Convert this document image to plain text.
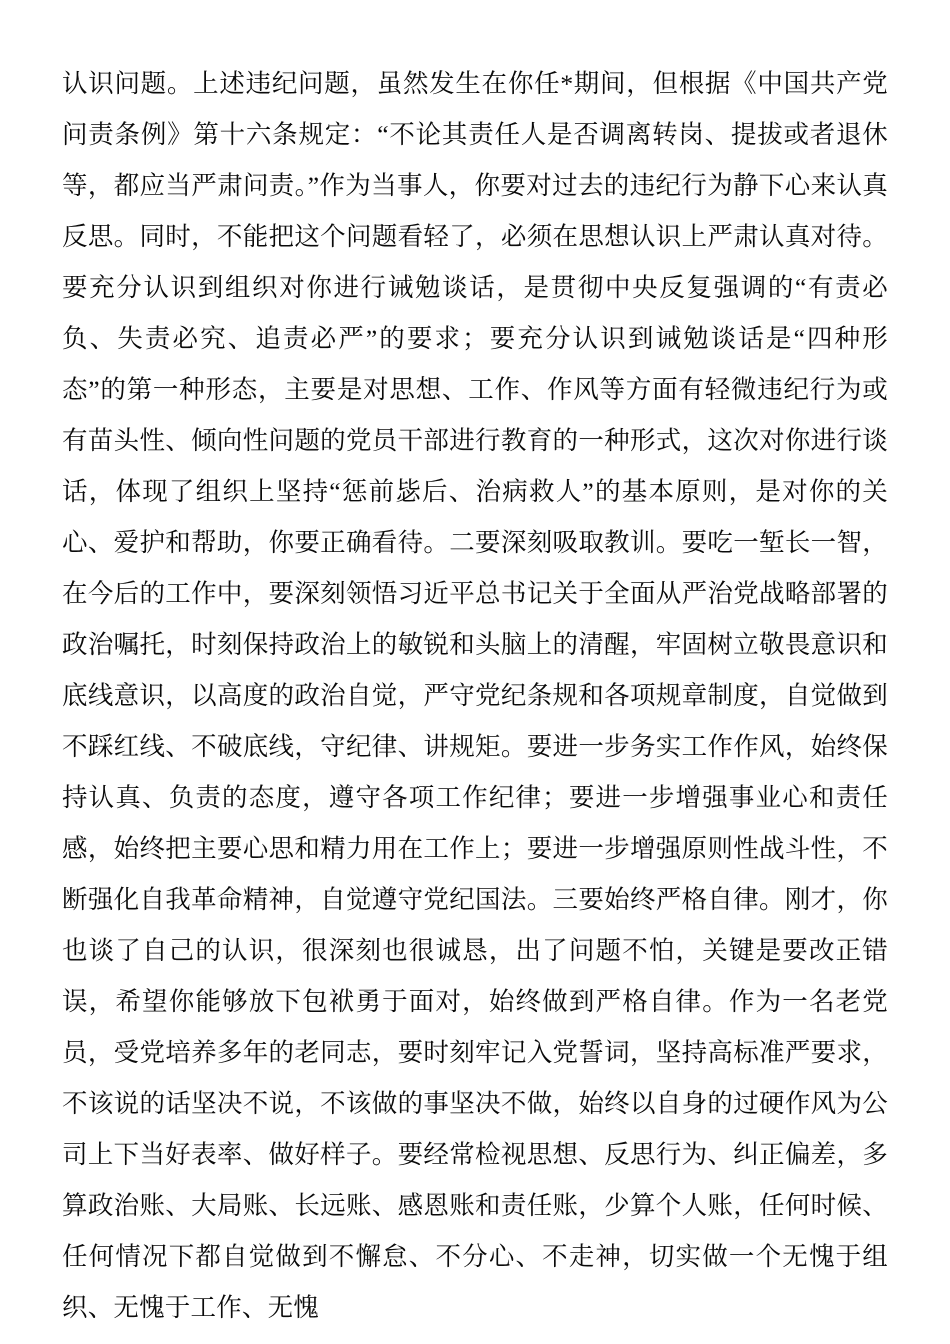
认识问题。上述违纪问题，虽然发生在你任*期间，但根据《中国共产党问责条例》第十六条规定：“不论其责任人是否调离转岗、提拔或者退休等，都应当严肃问责。”作为当事人，你要对过去的违纪行为静下心来认真反思。同时，不能把这个问题看轻了，必须在思想认识上严肃认真对待。要充分认识到组织对你进行诫勉谈话，是贯彻中央反复强调的“有责必负、失责必究、追责必严”的要求；要充分认识到诫勉谈话是“四种形态”的第一种形态，主要是对思想、工作、作风等方面有轻微违纪行为或有苗头性、倾向性问题的党员干部进行教育的一种形式，这次对你进行谈话，体现了组织上坚持“惩前毖后、治病救人”的基本原则，是对你的关心、爱护和帮助，你要正确看待。二要深刻吸取教训。要吃一堑长一智，在今后的工作中，要深刻领悟习近平总书记关于全面从严治党战略部署的政治嘱托，时刻保持政治上的敏锐和头脑上的清醒，牢固树立敬畏意识和底线意识，以高度的政治自觉，严守党纪条规和各项规章制度，自觉做到不踩红线、不破底线，守纪律、讲规矩。要进一步务实工作作风，始终保持认真、负责的态度，遵守各项工作纪律；要进一步增强事业心和责任感，始终把主要心思和精力用在工作上；要进一步增强原则性战斗性，不断强化自我革命精神，自觉遵守党纪国法。三要始终严格自律。刚才，你也谈了自己的认识，很深刻也很诚恳，出了问题不怕，关键是要改正错误，希望你能够放下包袱勇于面对，始终做到严格自律。作为一名老党员，受党培养多年的老同志，要时刻牢记入党誓词，坚持高标准严要求，不该说的话坚决不说，不该做的事坚决不做，始终以自身的过硬作风为公司上下当好表率、做好样子。要经常检视思想、反思行为、纠正偏差，多算政治账、大局账、长远账、感恩账和责任账，少算个人账，任何时候、任何情况下都自觉做到不懈怠、不分心、不走神，切实做一个无愧于组织、无愧于工作、无愧
